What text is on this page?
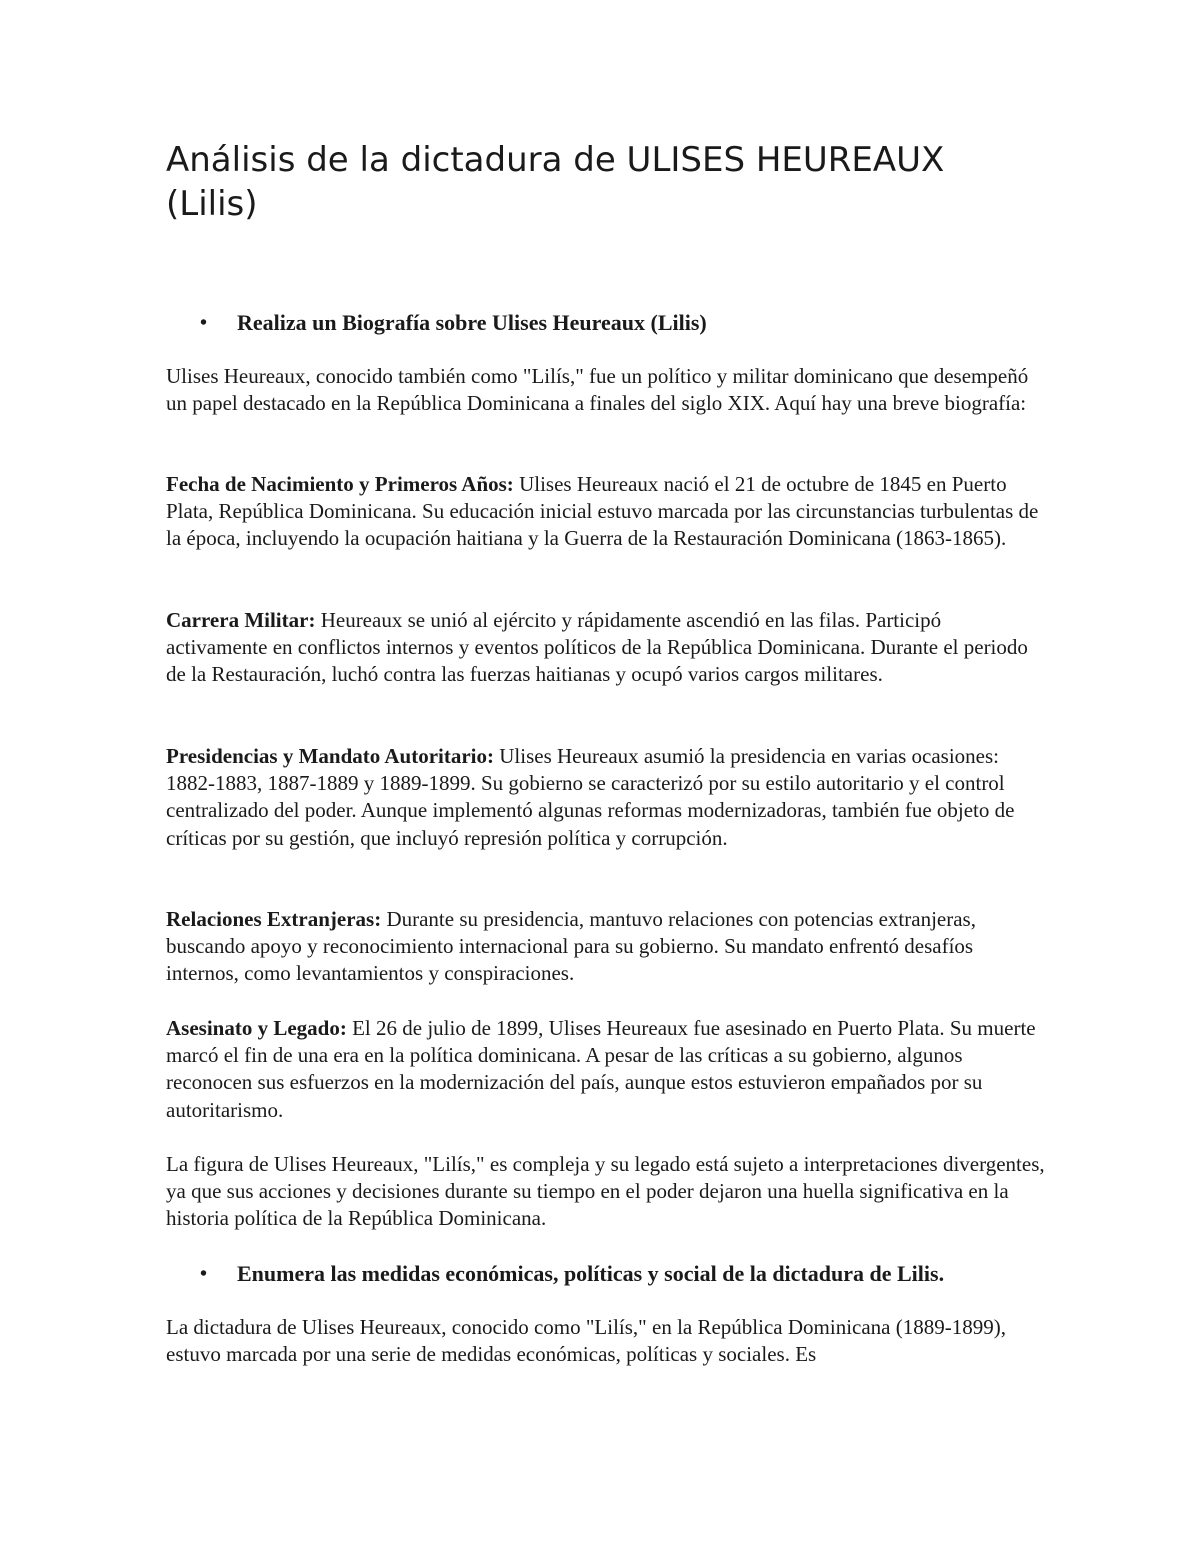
Análisis de la dictadura de ULISES HEUREAUX (Lilis)
• Realiza un Biografía sobre Ulises Heureaux (Lilis)

Ulises Heureaux, conocido también como "Lilís," fue un político y militar dominicano que desempeñó un papel destacado en la República Dominicana a finales del siglo XIX. Aquí hay una breve biografía:

Fecha de Nacimiento y Primeros Años: Ulises Heureaux nació el 21 de octubre de 1845 en Puerto Plata, República Dominicana. Su educación inicial estuvo marcada por las circunstancias turbulentas de la época, incluyendo la ocupación haitiana y la Guerra de la Restauración Dominicana (1863-1865).

Carrera Militar: Heureaux se unió al ejército y rápidamente ascendió en las filas. Participó activamente en conflictos internos y eventos políticos de la República Dominicana. Durante el periodo de la Restauración, luchó contra las fuerzas haitianas y ocupó varios cargos militares.

Presidencias y Mandato Autoritario: Ulises Heureaux asumió la presidencia en varias ocasiones: 1882-1883, 1887-1889 y 1889-1899. Su gobierno se caracterizó por su estilo autoritario y el control centralizado del poder. Aunque implementó algunas reformas modernizadoras, también fue objeto de críticas por su gestión, que incluyó represión política y corrupción.

Relaciones Extranjeras: Durante su presidencia, mantuvo relaciones con potencias extranjeras, buscando apoyo y reconocimiento internacional para su gobierno. Su mandato enfrentó desafíos internos, como levantamientos y conspiraciones.

Asesinato y Legado: El 26 de julio de 1899, Ulises Heureaux fue asesinado en Puerto Plata. Su muerte marcó el fin de una era en la política dominicana. A pesar de las críticas a su gobierno, algunos reconocen sus esfuerzos en la modernización del país, aunque estos estuvieron empañados por su autoritarismo.

La figura de Ulises Heureaux, "Lilís," es compleja y su legado está sujeto a interpretaciones divergentes, ya que sus acciones y decisiones durante su tiempo en el poder dejaron una huella significativa en la historia política de la República Dominicana.

• Enumera las medidas económicas, políticas y social de la dictadura de Lilis.

La dictadura de Ulises Heureaux, conocido como "Lilís," en la República Dominicana (1889-1899), estuvo marcada por una serie de medidas económicas, políticas y sociales. Es
